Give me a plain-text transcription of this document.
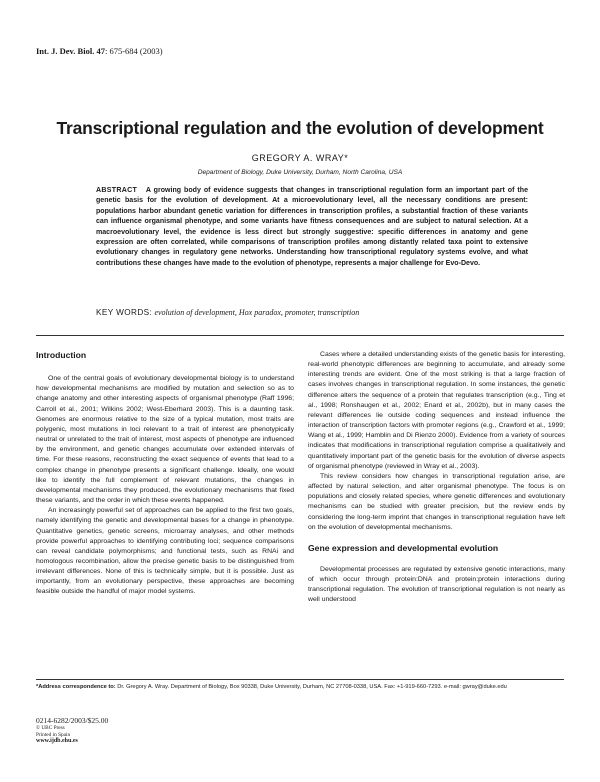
Int. J. Dev. Biol. 47: 675-684 (2003)
Transcriptional regulation and the evolution of development
GREGORY A. WRAY*
Department of Biology, Duke University, Durham, North Carolina, USA
ABSTRACT A growing body of evidence suggests that changes in transcriptional regulation form an important part of the genetic basis for the evolution of development. At a microevolutionary level, all the necessary conditions are present: populations harbor abundant genetic variation for differences in transcription profiles, a substantial fraction of these variants can influence organismal phenotype, and some variants have fitness consequences and are subject to natural selection. At a macroevolutionary level, the evidence is less direct but strongly suggestive: specific differences in anatomy and gene expression are often correlated, while comparisons of transcription profiles among distantly related taxa point to extensive evolutionary changes in regulatory gene networks. Understanding how transcriptional regulatory systems evolve, and what contributions these changes have made to the evolution of phenotype, represents a major challenge for Evo-Devo.
KEY WORDS: evolution of development, Hox paradox, promoter, transcription
Introduction

One of the central goals of evolutionary developmental biology is to understand how developmental mechanisms are modified by mutation and selection so as to change anatomy and other interesting aspects of organismal phenotype (Raff 1996; Carroll et al., 2001; Wilkins 2002; West-Eberhard 2003). This is a daunting task. Genomes are enormous relative to the size of a typical mutation, most traits are polygenic, most mutations in loci relevant to a trait of interest are phenotypically neutral or unrelated to the trait of interest, most aspects of phenotype are influenced by the environment, and genetic changes accumulate over extended intervals of time. For these reasons, reconstructing the exact sequence of events that lead to a complex change in phenotype presents a significant challenge. Ideally, one would like to identify the full complement of relevant mutations, the changes in developmental mechanisms they produced, the evolutionary mechanisms that fixed these variants, and the order in which these events happened.

An increasingly powerful set of approaches can be applied to the first two goals, namely identifying the genetic and developmental bases for a change in phenotype. Quantitative genetics, genetic screens, microarray analyses, and other methods provide powerful approaches to identifying contributing loci; sequence comparisons can reveal candidate polymorphisms; and functional tests, such as RNAi and homologous recombination, allow the precise genetic basis to be distinguished from irrelevant differences. None of this is technically simple, but it is possible. Just as importantly, from an evolutionary perspective, these approaches are becoming feasible outside the handful of major model systems.

Cases where a detailed understanding exists of the genetic basis for interesting, real-world phenotypic differences are beginning to accumulate, and already some interesting trends are evident. One of the most striking is that a large fraction of cases involves changes in transcriptional regulation. In some instances, the genetic difference alters the sequence of a protein that regulates transcription (e.g., Ting et al., 1998; Ronshaugen et al., 2002; Enard et al., 2002b), but in many cases the relevant differences lie outside coding sequences and instead influence the interaction of transcription factors with promoter regions (e.g., Crawford et al., 1999; Wang et al., 1999; Hamblin and Di Rienzo 2000). Evidence from a variety of sources indicates that modifications in transcriptional regulation comprise a qualitatively and quantitatively important part of the genetic basis for the evolution of diverse aspects of organismal phenotype (reviewed in Wray et al., 2003).

This review considers how changes in transcriptional regulation arise, are affected by natural selection, and alter organismal phenotype. The focus is on populations and closely related species, where genetic differences and evolutionary mechanisms can be studied with greater precision, but the review ends by considering the long-term imprint that changes in transcriptional regulation have left on the evolution of developmental mechanisms.

Gene expression and developmental evolution

Developmental processes are regulated by extensive genetic interactions, many of which occur through protein:DNA and protein:protein interactions during transcriptional regulation. The evolution of transcriptional regulation is not nearly as well understood

*Address correspondence to: Dr. Gregory A. Wray. Department of Biology, Box 90338, Duke University, Durham, NC 27708-0338, USA. Fax: +1-919-660-7293. e-mail: gwray@duke.edu
0214-6282/2003/$25.00
© UBC Press
Printed in Spain
www.ijdb.ehu.es
